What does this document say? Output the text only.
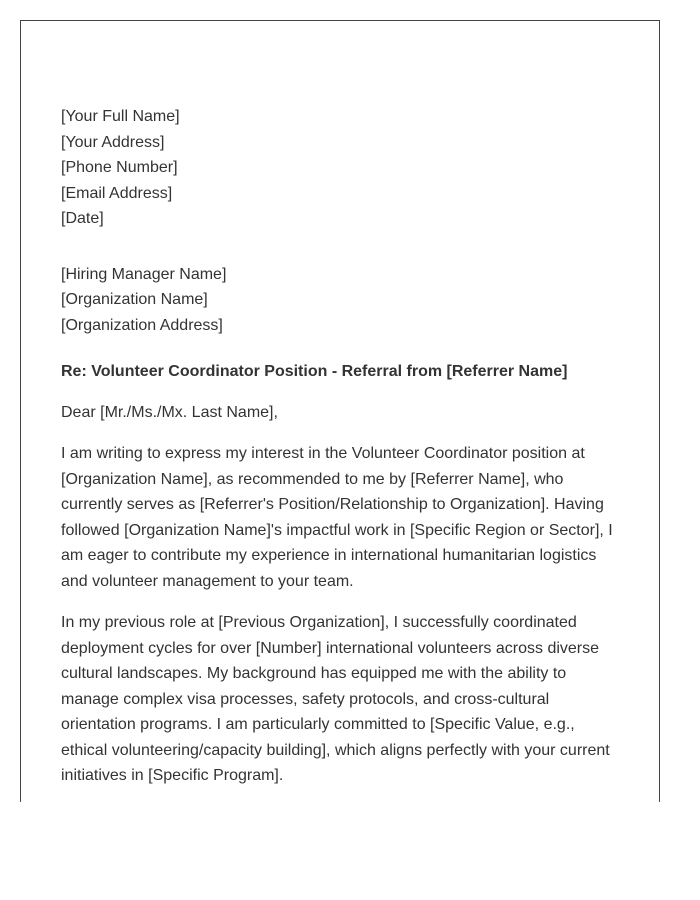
[Your Full Name]
[Your Address]
[Phone Number]
[Email Address]
[Date]
[Hiring Manager Name]
[Organization Name]
[Organization Address]

Re: Volunteer Coordinator Position - Referral from [Referrer Name]

Dear [Mr./Ms./Mx. Last Name],

I am writing to express my interest in the Volunteer Coordinator position at [Organization Name], as recommended to me by [Referrer Name], who currently serves as [Referrer's Position/Relationship to Organization]. Having followed [Organization Name]'s impactful work in [Specific Region or Sector], I am eager to contribute my experience in international humanitarian logistics and volunteer management to your team.

In my previous role at [Previous Organization], I successfully coordinated deployment cycles for over [Number] international volunteers across diverse cultural landscapes. My background has equipped me with the ability to manage complex visa processes, safety protocols, and cross-cultural orientation programs. I am particularly committed to [Specific Value, e.g., ethical volunteering/capacity building], which aligns perfectly with your current initiatives in [Specific Program].
